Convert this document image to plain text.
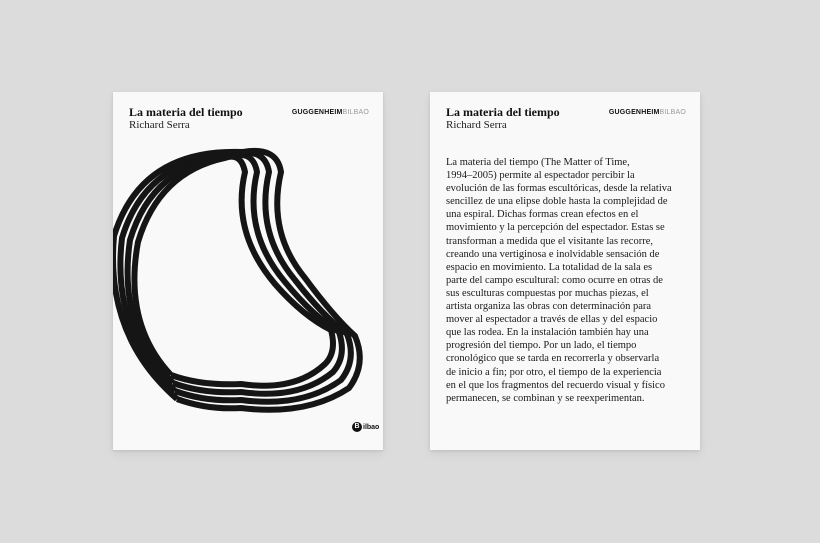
La materia del tiempo
Richard Serra
GUGGENHEIMBILBAO
B ilbao
La materia del tiempo
Richard Serra
GUGGENHEIMBILBAO
La materia del tiempo (The Matter of Time,
1994–2005) permite al espectador percibir la
evolución de las formas escultóricas, desde la relativa
sencillez de una elipse doble hasta la complejidad de
una espiral. Dichas formas crean efectos en el
movimiento y la percepción del espectador. Estas se
transforman a medida que el visitante las recorre,
creando una vertiginosa e inolvidable sensación de
espacio en movimiento. La totalidad de la sala es
parte del campo escultural: como ocurre en otras de
sus esculturas compuestas por muchas piezas, el
artista organiza las obras con determinación para
mover al espectador a través de ellas y del espacio
que las rodea. En la instalación también hay una
progresión del tiempo. Por un lado, el tiempo
cronológico que se tarda en recorrerla y observarla
de inicio a fin; por otro, el tiempo de la experiencia
en el que los fragmentos del recuerdo visual y físico
permanecen, se combinan y se reexperimentan.
